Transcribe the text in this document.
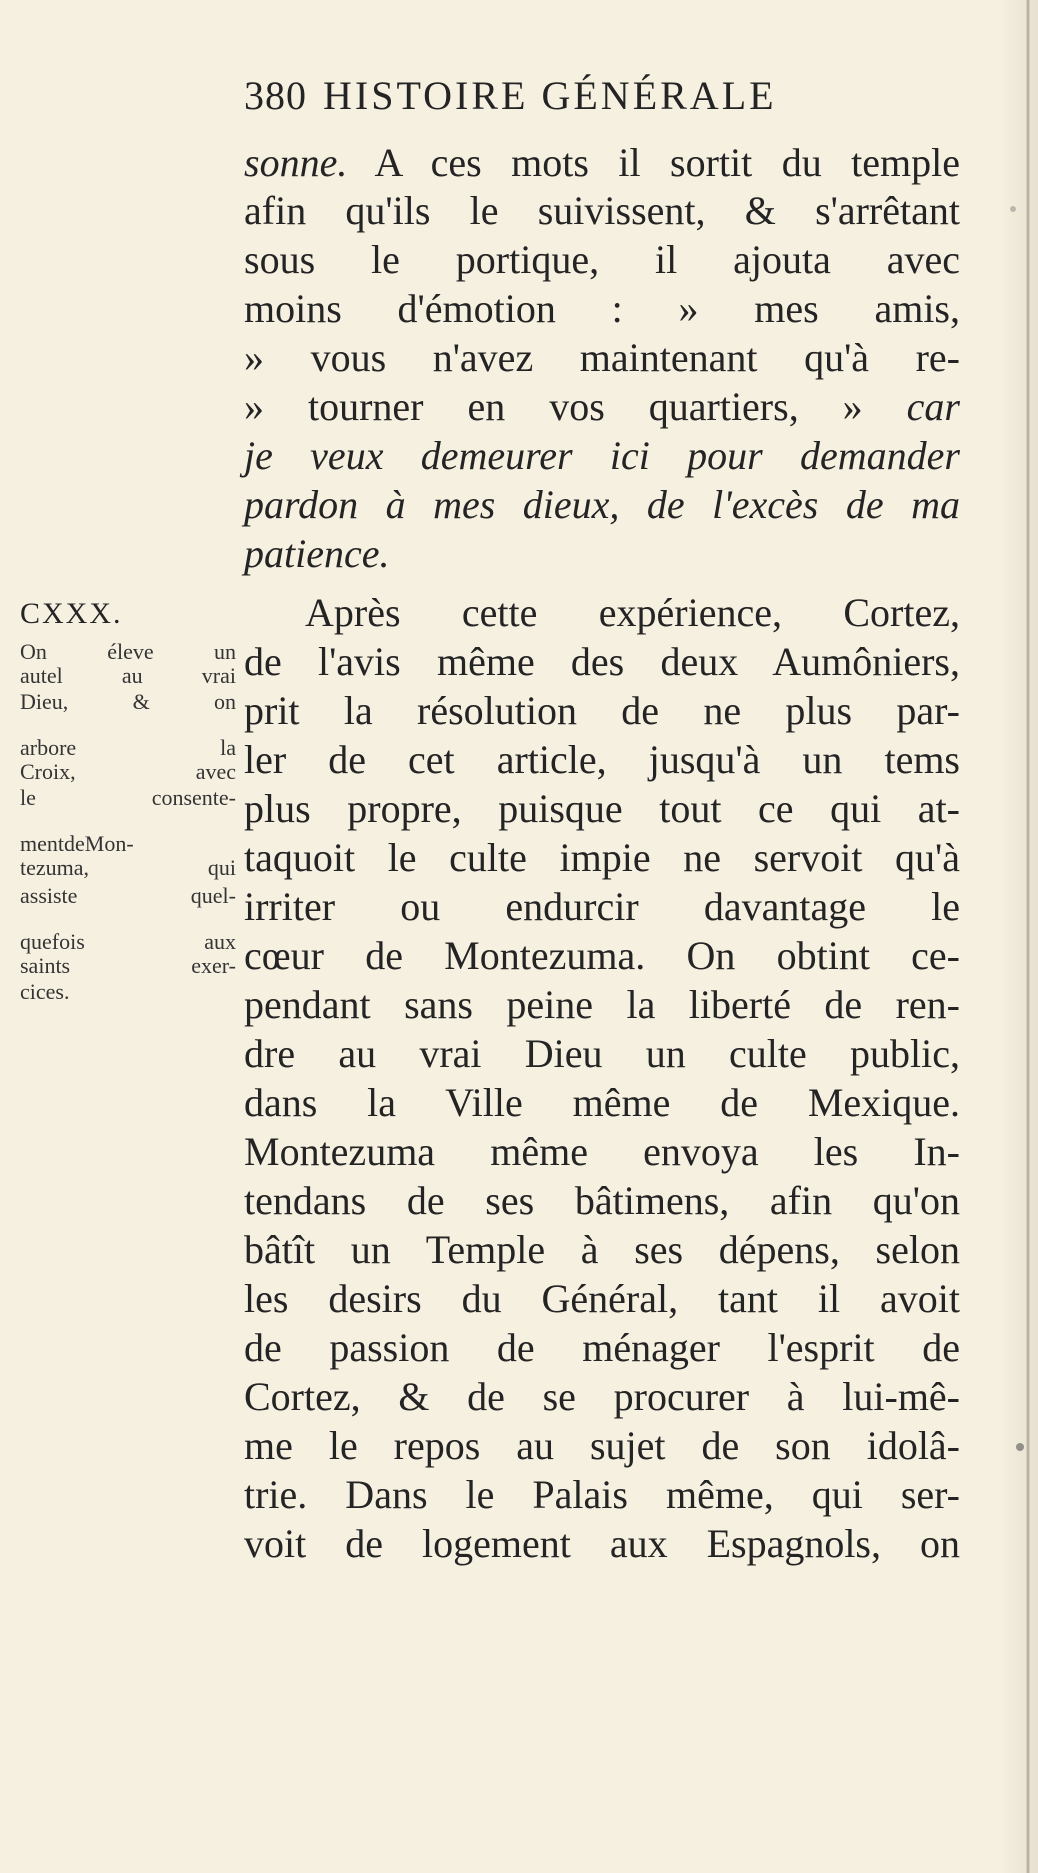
380 HISTOIRE GÉNÉRALE
sonne. A ces mots il sortit du temple
afin qu'ils le suivissent, & s'arrêtant
sous le portique, il ajouta avec
moins d'émotion : » mes amis,
» vous n'avez maintenant qu'à re-
» tourner en vos quartiers, » car
je veux demeurer ici pour demander
pardon à mes dieux, de l'excès de ma
patience.
Après cette expérience, Cortez,
de l'avis même des deux Aumôniers,
prit la résolution de ne plus par-
ler de cet article, jusqu'à un tems
plus propre, puisque tout ce qui at-
taquoit le culte impie ne servoit qu'à
irriter ou endurcir davantage le
cœur de Montezuma. On obtint ce-
pendant sans peine la liberté de ren-
dre au vrai Dieu un culte public,
dans la Ville même de Mexique.
Montezuma même envoya les In-
tendans de ses bâtimens, afin qu'on
bâtît un Temple à ses dépens, selon
les desirs du Général, tant il avoit
de passion de ménager l'esprit de
Cortez, & de se procurer à lui-mê-
me le repos au sujet de son idolâ-
trie. Dans le Palais même, qui ser-
voit de logement aux Espagnols, on
CXXX.
On éleve un
autel au vrai
Dieu, & on
arbore la
Croix, avec
le consente-
mentdeMon-
tezuma, qui
assiste quel-
quefois aux
saints exer-
cices.
